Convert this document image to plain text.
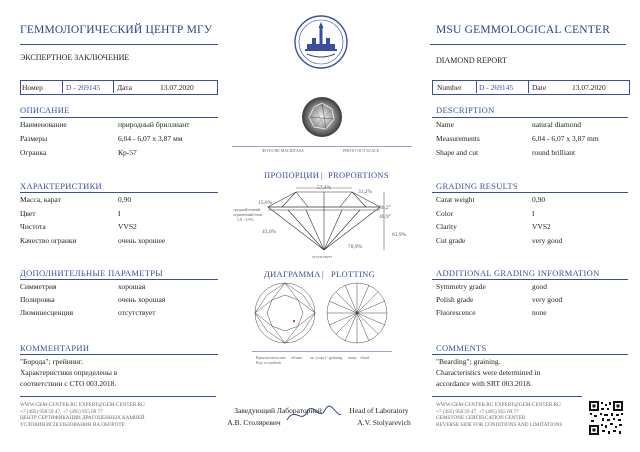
ГЕММОЛОГИЧЕСКИЙ ЦЕНТР МГУ
ЭКСПЕРТНОЕ ЗАКЛЮЧЕНИЕ
Номер	D - 269145 Дата	13.07.2020
MSU GEMMOLOGICAL CENTER
DIAMOND REPORT
Number D - 269145	Date	13.07.2020
ФОТО НЕ МАСШТАБА	PHOTO OUT SCALE
ОПИСАНИЕ
Наименование	природный бриллиант
Размеры	6,04 - 6,07 x 3,87 мм
Огранка	Кр-57
DESCRIPTION
Name	natural diamond
Measurements	6,04 - 6,07 x 3,87 mm
Shape and cut	round brilliant
ХАРАКТЕРИСТИКИ
Масса, карат	0,90
Цвет	I
Чистота	VVS2
Качество огранки	очень хорошее
GRADING RESULTS
Carat weight	0,90
Color	I
Clarity	VVS2
Cut grade	very good
ДОПОЛНИТЕЛЬНЫЕ ПАРАМЕТРЫ
Симметрия	хорошая
Полировка	очень хорошая
Люминесценция	отсутствует
ADDITIONAL GRADING INFORMATION
Symmetry grade	good
Polish grade	very good
Fluorescence	none
КОММЕНТАРИИ
"Борода"; грейнинг.
Характеристики определены в
соответствии с СТО 003.2018.
COMMENTS
"Bearding"; graining.
Characteristics were determined in
accordance with SRT 003.2018.
ПРОПОРЦИИ | PROPORTIONS
57,4%
31,2%
15,6%
36,2°
40,9°
43,0%	63,9%
78,9%
средний/тонкий
ограненный/тонк.
2,8 - 3,9%
отсутствует
ДИАГРАММА | PLOTTING
Кристаллические
Key to symbols
облако эк. (сорт) / graining мигр. cloud
WWW.GEM-CENTER.RU EXPERT@GEM-CENTER.RU
+7 (495) 958 59 47, +7 (495) 955 69 77
ЦЕНТР СЕРТИФИКАЦИИ ДРАГОЦЕННЫХ КАМНЕЙ
УСЛОВИЯ ИСПОЛЬЗОВАНИЯ НА ОБОРОТЕ
Заведующий Лабораторией
А.В. Столяревич
Head of Laboratory
A.V. Stolyarevich
WWW.GEM-CENTER.RU EXPERT@GEM-CENTER.RU
+7 (495) 958 59 47, +7 (495) 955 69 77
GEMSTONE CERTIFICATION CENTER
REVERSE SIDE FOR CONDITIONS AND LIMITATIONS
